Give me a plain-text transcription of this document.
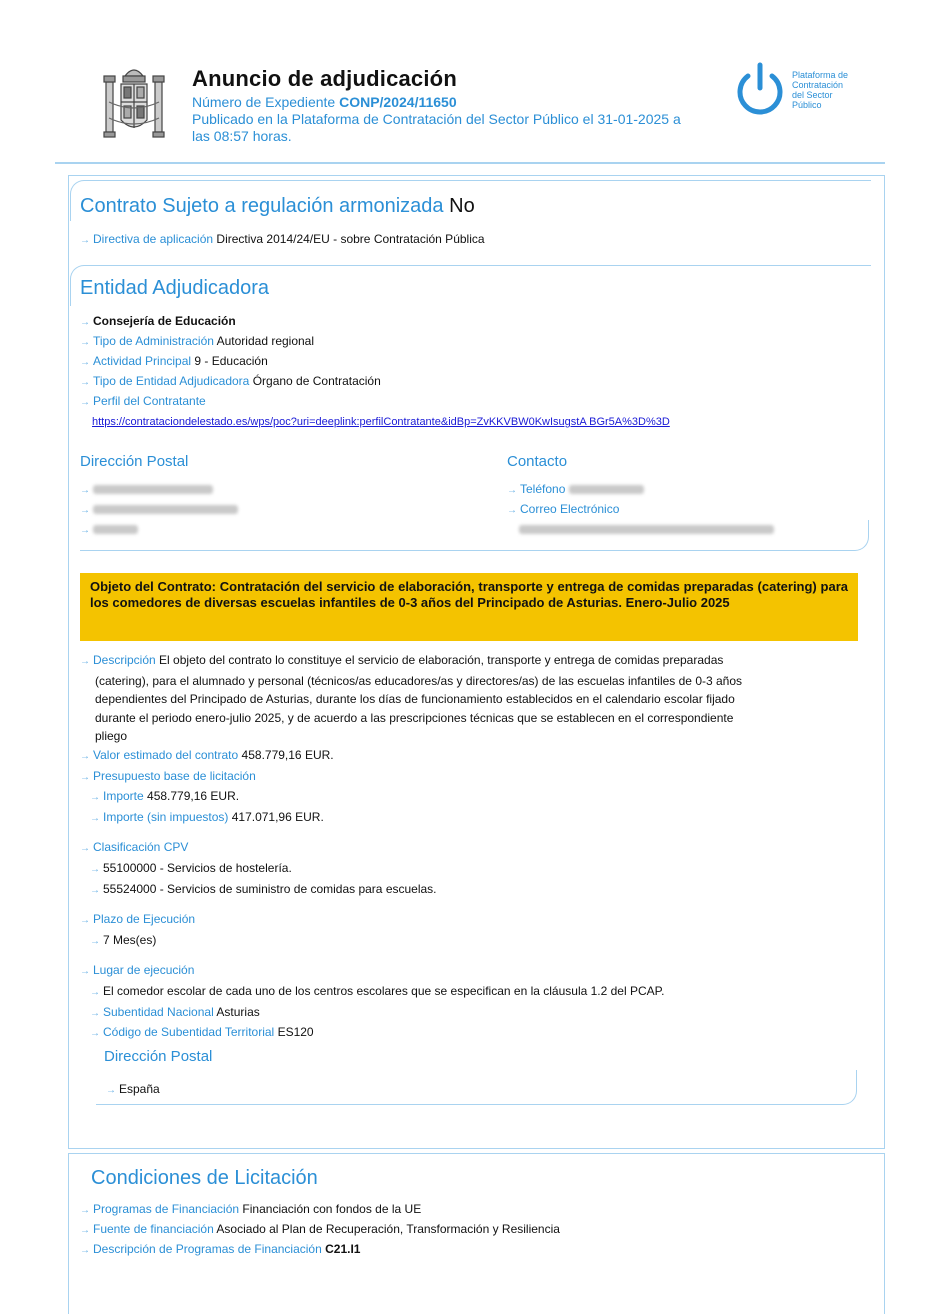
Anuncio de adjudicación
Número de Expediente CONP/2024/11650
Publicado en la Plataforma de Contratación del Sector Público el 31-01-2025 a
las 08:57 horas.
Plataforma de
Contratación
del Sector
Público
Contrato Sujeto a regulación armonizada No
→ Directiva de aplicación Directiva 2014/24/EU - sobre Contratación Pública
Entidad Adjudicadora
→ Consejería de Educación
→ Tipo de Administración Autoridad regional
→ Actividad Principal 9 - Educación
→ Tipo de Entidad Adjudicadora Órgano de Contratación
→ Perfil del Contratante
https://contrataciondelestado.es/wps/poc?uri=deeplink:perfilContratante&idBp=ZvKKVBW0KwIsugstA BGr5A%3D%3D
Dirección Postal
→
→
→
Contacto
→ Teléfono
→ Correo Electrónico
Objeto del Contrato: Contratación del servicio de elaboración, transporte y entrega de comidas preparadas (catering) para los comedores de diversas escuelas infantiles de 0-3 años del Principado de Asturias. Enero-Julio 2025
→ Descripción El objeto del contrato lo constituye el servicio de elaboración, transporte y entrega de comidas preparadas
(catering), para el alumnado y personal (técnicos/as educadores/as y directores/as) de las escuelas infantiles de 0-3 años
dependientes del Principado de Asturias, durante los días de funcionamiento establecidos en el calendario escolar fijado
durante el periodo enero-julio 2025, y de acuerdo a las prescripciones técnicas que se establecen en el correspondiente
pliego
→ Valor estimado del contrato 458.779,16 EUR.
→ Presupuesto base de licitación
→ Importe 458.779,16 EUR.
→ Importe (sin impuestos) 417.071,96 EUR.
→ Clasificación CPV
→ 55100000 - Servicios de hostelería.
→ 55524000 - Servicios de suministro de comidas para escuelas.
→ Plazo de Ejecución
→ 7 Mes(es)
→ Lugar de ejecución
→ El comedor escolar de cada uno de los centros escolares que se especifican en la cláusula 1.2 del PCAP.
→ Subentidad Nacional Asturias
→ Código de Subentidad Territorial ES120
Dirección Postal
→ España
Condiciones de Licitación
→ Programas de Financiación Financiación con fondos de la UE
→ Fuente de financiación Asociado al Plan de Recuperación, Transformación y Resiliencia
→ Descripción de Programas de Financiación C21.I1
